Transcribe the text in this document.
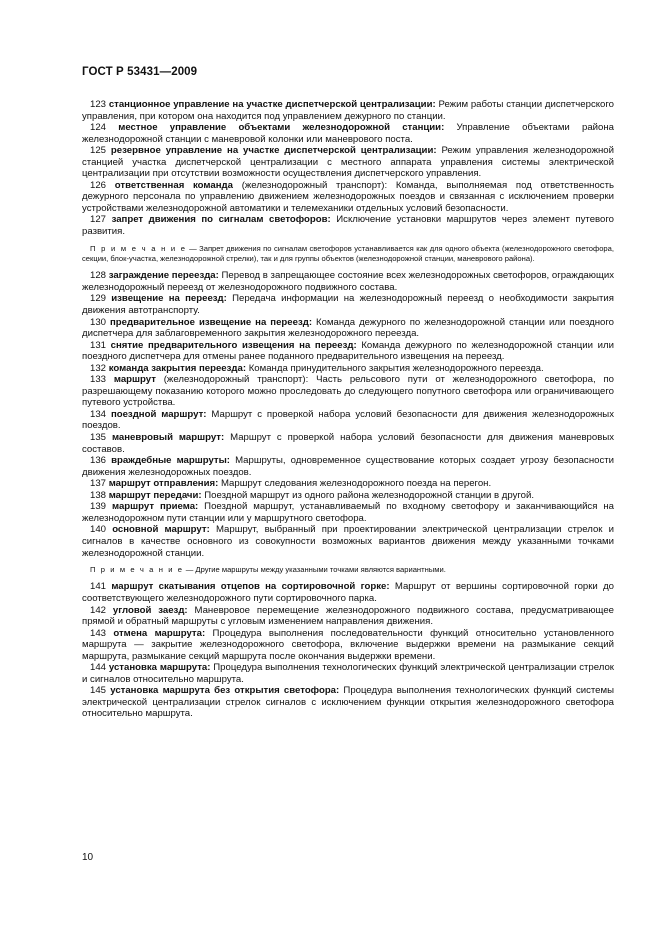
ГОСТ Р 53431—2009

123 станционное управление на участке диспетчерской централизации: Режим работы станции диспетчерского управления, при котором она находится под управлением дежурного по станции.

124 местное управление объектами железнодорожной станции: Управление объектами района железнодорожной станции с маневровой колонки или маневрового поста.

125 резервное управление на участке диспетчерской централизации: Режим управления железнодорожной станцией участка диспетчерской централизации с местного аппарата управления системы электрической централизации при отсутствии возможности осуществления диспетчерского управления.

126 ответственная команда (железнодорожный транспорт): Команда, выполняемая под ответственность дежурного персонала по управлению движением железнодорожных поездов и связанная с исключением проверки устройствами железнодорожной автоматики и телемеханики отдельных условий безопасности.

127 запрет движения по сигналам светофоров: Исключение установки маршрутов через элемент путевого развития.

П р и м е ч а н и е — Запрет движения по сигналам светофоров устанавливается как для одного объекта (железнодорожного светофора, секции, блок-участка, железнодорожной стрелки), так и для группы объектов (железнодорожной станции, маневрового района).

128 заграждение переезда: Перевод в запрещающее состояние всех железнодорожных светофоров, ограждающих железнодорожный переезд от железнодорожного подвижного состава.

129 извещение на переезд: Передача информации на железнодорожный переезд о необходимости закрытия движения автотранспорту.

130 предварительное извещение на переезд: Команда дежурного по железнодорожной станции или поездного диспетчера для заблаговременного закрытия железнодорожного переезда.

131 снятие предварительного извещения на переезд: Команда дежурного по железнодорожной станции или поездного диспетчера для отмены ранее поданного предварительного извещения на переезд.

132 команда закрытия переезда: Команда принудительного закрытия железнодорожного переезда.

133 маршрут (железнодорожный транспорт): Часть рельсового пути от железнодорожного светофора, по разрешающему показанию которого можно проследовать до следующего попутного светофора или ограничивающего путевого устройства.

134 поездной маршрут: Маршрут с проверкой набора условий безопасности для движения железнодорожных поездов.

135 маневровый маршрут: Маршрут с проверкой набора условий безопасности для движения маневровых составов.

136 враждебные маршруты: Маршруты, одновременное существование которых создает угрозу безопасности движения железнодорожных поездов.

137 маршрут отправления: Маршрут следования железнодорожного поезда на перегон.

138 маршрут передачи: Поездной маршрут из одного района железнодорожной станции в другой.

139 маршрут приема: Поездной маршрут, устанавливаемый по входному светофору и заканчивающийся на железнодорожном пути станции или у маршрутного светофора.

140 основной маршрут: Маршрут, выбранный при проектировании электрической централизации стрелок и сигналов в качестве основного из совокупности возможных вариантов движения между указанными точками железнодорожной станции.

П р и м е ч а н и е — Другие маршруты между указанными точками являются вариантными.

141 маршрут скатывания отцепов на сортировочной горке: Маршрут от вершины сортировочной горки до соответствующего железнодорожного пути сортировочного парка.

142 угловой заезд: Маневровое перемещение железнодорожного подвижного состава, предусматривающее прямой и обратный маршруты с угловым изменением направления движения.

143 отмена маршрута: Процедура выполнения последовательности функций относительно установленного маршрута — закрытие железнодорожного светофора, включение выдержки времени на размыкание секций маршрута, размыкание секций маршрута после окончания выдержки времени.

144 установка маршрута: Процедура выполнения технологических функций электрической централизации стрелок и сигналов относительно маршрута.

145 установка маршрута без открытия светофора: Процедура выполнения технологических функций системы электрической централизации стрелок сигналов с исключением функции открытия железнодорожного светофора относительно маршрута.

10
